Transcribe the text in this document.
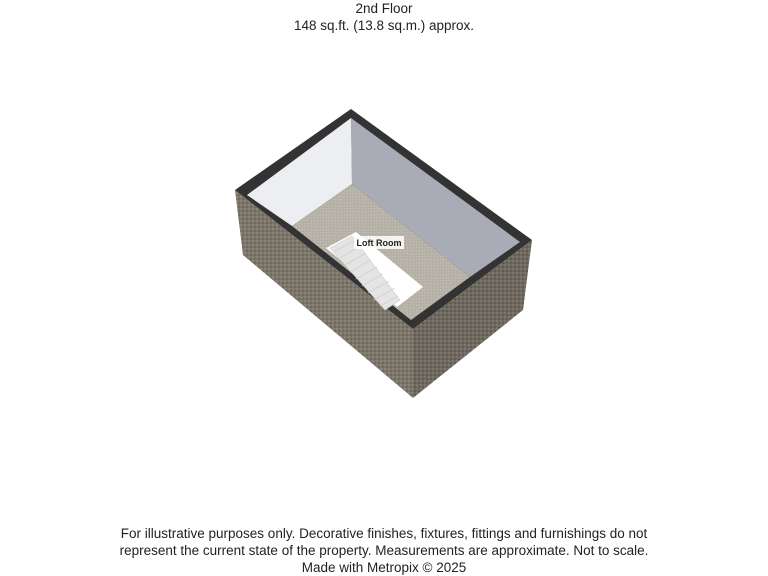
2nd Floor
148 sq.ft. (13.8 sq.m.) approx.
Loft Room
For illustrative purposes only. Decorative finishes, fixtures, fittings and furnishings do not
represent the current state of the property. Measurements are approximate. Not to scale.
Made with Metropix © 2025
